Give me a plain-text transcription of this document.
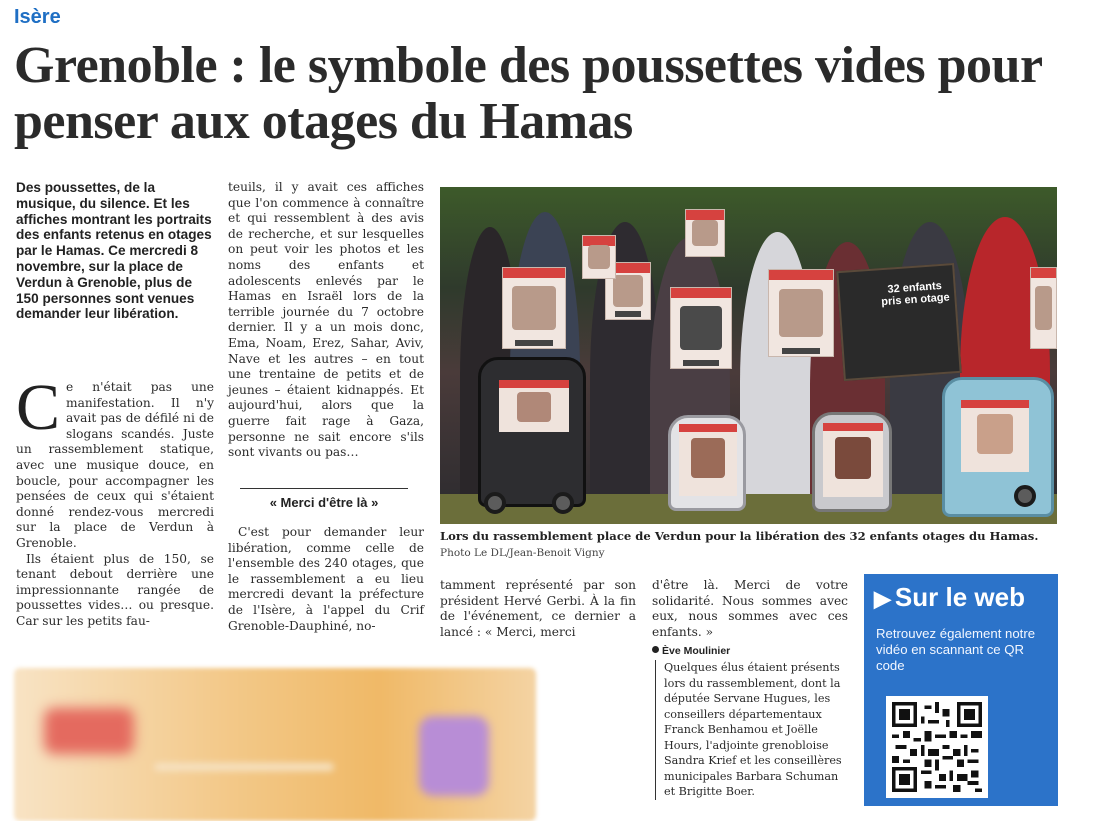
Isère
Grenoble : le symbole des poussettes vides pour penser aux otages du Hamas
Des poussettes, de la musique, du silence. Et les affiches montrant les portraits des enfants retenus en otages par le Hamas. Ce mercredi 8 novembre, sur la place de Verdun à Grenoble, plus de 150 personnes sont venues demander leur libération.

Ce n'était pas une manifestation. Il n'y avait pas de défilé ni de slogans scandés. Juste un rassemblement statique, avec une musique douce, en boucle, pour accompagner les pensées de ceux qui s'étaient donné rendez-vous mercredi sur la place de Verdun à Grenoble.

Ils étaient plus de 150, se tenant debout derrière une impressionnante rangée de poussettes vides… ou presque. Car sur les petits fau-

teuils, il y avait ces affiches que l'on commence à connaître et qui ressemblent à des avis de recherche, et sur lesquelles on peut voir les photos et les noms des enfants et adolescents enlevés par le Hamas en Israël lors de la terrible journée du 7 octobre dernier. Il y a un mois donc, Ema, Noam, Erez, Sahar, Aviv, Nave et les autres – en tout une trentaine de petits et de jeunes – étaient kidnappés. Et aujourd'hui, alors que la guerre fait rage à Gaza, personne ne sait encore s'ils sont vivants ou pas…
« Merci d'être là »
C'est pour demander leur libération, comme celle de l'ensemble des 240 otages, que le rassemblement a eu lieu mercredi devant la préfecture de l'Isère, à l'appel du Crif Grenoble-Dauphiné, no-
32 enfants pris en otage
Lors du rassemblement place de Verdun pour la libération des 32 enfants otages du Hamas.
Photo Le DL/Jean-Benoit Vigny
tamment représenté par son président Hervé Gerbi. À la fin de l'événement, ce dernier a lancé : « Merci, merci
d'être là. Merci de votre solidarité. Nous sommes avec eux, nous sommes avec ces enfants. »
Ève Moulinier
Quelques élus étaient présents lors du rassemblement, dont la députée Servane Hugues, les conseillers départementaux Franck Benhamou et Joëlle Hours, l'adjointe grenobloise Sandra Krief et les conseillères municipales Barbara Schuman et Brigitte Boer.
▶ Sur le web
Retrouvez également notre vidéo en scannant ce QR code
